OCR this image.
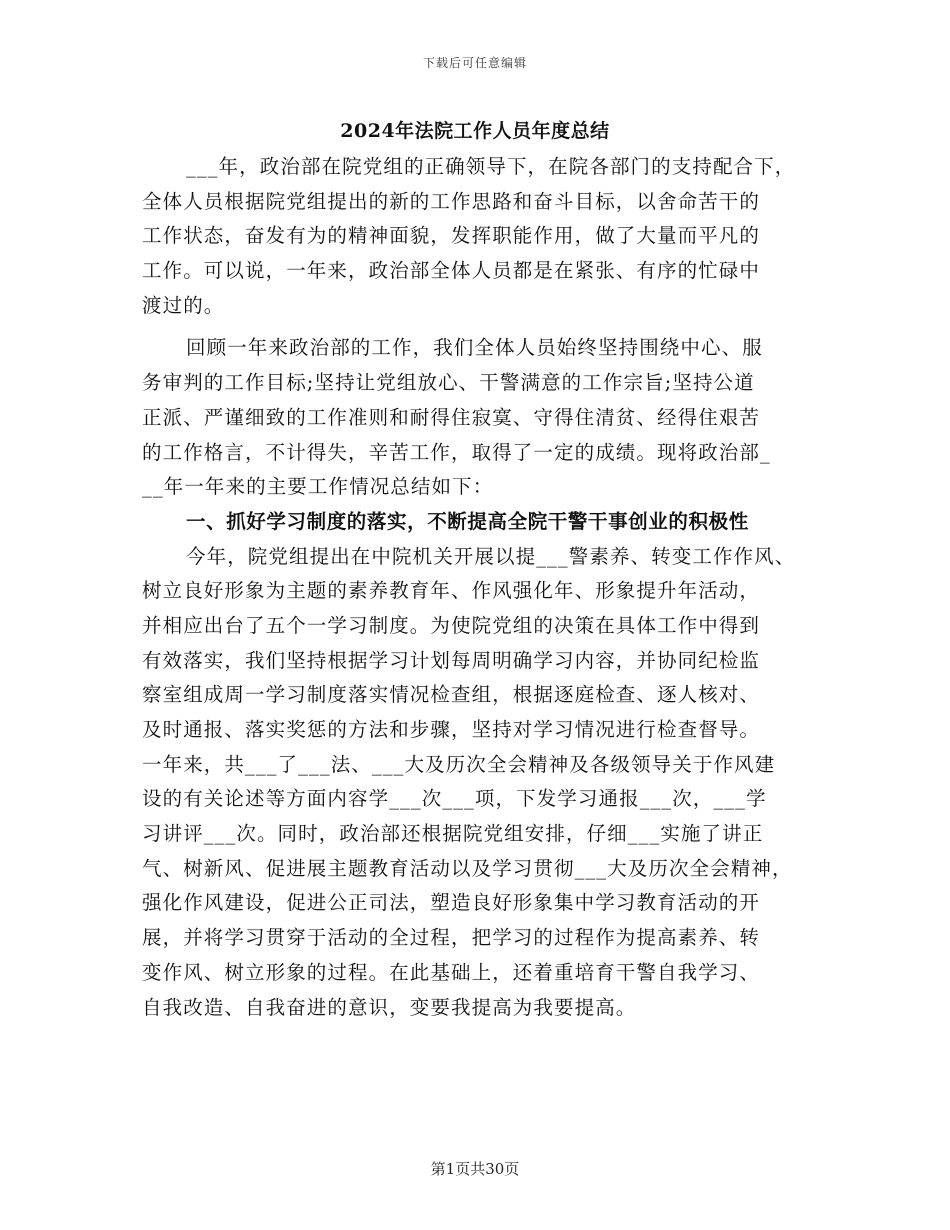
下载后可任意编辑
2024年法院工作人员年度总结
___年，政治部在院党组的正确领导下，在院各部门的支持配合下，
全体人员根据院党组提出的新的工作思路和奋斗目标，以舍命苦干的
工作状态，奋发有为的精神面貌，发挥职能作用，做了大量而平凡的
工作。可以说，一年来，政治部全体人员都是在紧张、有序的忙碌中
渡过的。
回顾一年来政治部的工作，我们全体人员始终坚持围绕中心、服
务审判的工作目标;坚持让党组放心、干警满意的工作宗旨;坚持公道
正派、严谨细致的工作准则和耐得住寂寞、守得住清贫、经得住艰苦
的工作格言，不计得失，辛苦工作，取得了一定的成绩。现将政治部_
__年一年来的主要工作情况总结如下：
一、抓好学习制度的落实，不断提高全院干警干事创业的积极性
今年，院党组提出在中院机关开展以提___警素养、转变工作作风、
树立良好形象为主题的素养教育年、作风强化年、形象提升年活动，
并相应出台了五个一学习制度。为使院党组的决策在具体工作中得到
有效落实，我们坚持根据学习计划每周明确学习内容，并协同纪检监
察室组成周一学习制度落实情况检查组，根据逐庭检查、逐人核对、
及时通报、落实奖惩的方法和步骤，坚持对学习情况进行检查督导。
一年来，共___了___法、___大及历次全会精神及各级领导关于作风建
设的有关论述等方面内容学___次___项，下发学习通报___次，___学
习讲评___次。同时，政治部还根据院党组安排，仔细___实施了讲正
气、树新风、促进展主题教育活动以及学习贯彻___大及历次全会精神，
强化作风建设，促进公正司法，塑造良好形象集中学习教育活动的开
展，并将学习贯穿于活动的全过程，把学习的过程作为提高素养、转
变作风、树立形象的过程。在此基础上，还着重培育干警自我学习、
自我改造、自我奋进的意识，变要我提高为我要提高。
第1页共30页
